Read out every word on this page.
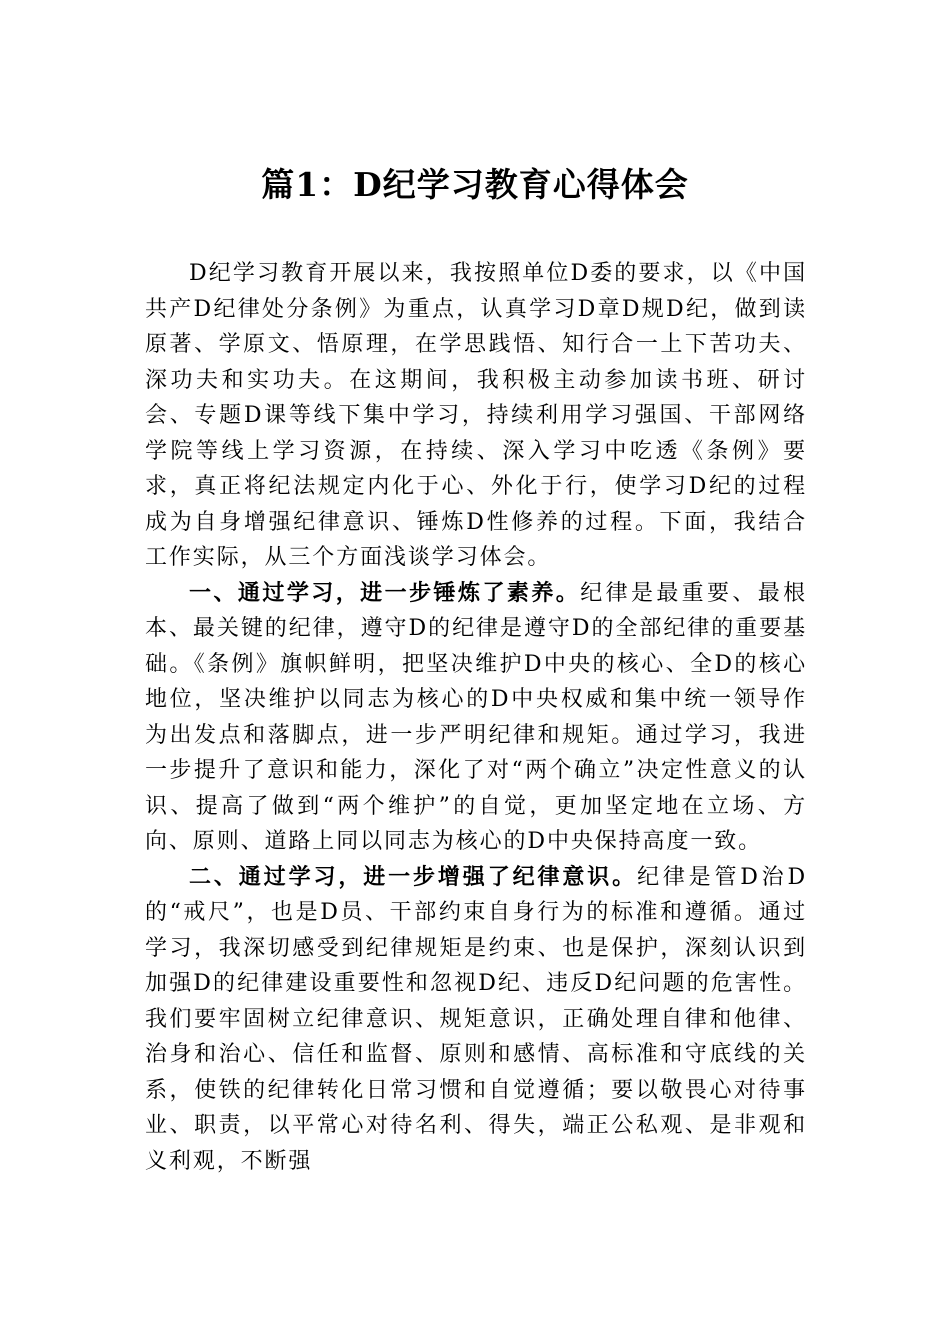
篇1：D纪学习教育心得体会

D纪学习教育开展以来，我按照单位D委的要求，以《中国共产D纪律处分条例》为重点，认真学习D章D规D纪，做到读原著、学原文、悟原理，在学思践悟、知行合一上下苦功夫、深功夫和实功夫。在这期间，我积极主动参加读书班、研讨会、专题D课等线下集中学习，持续利用学习强国、干部网络学院等线上学习资源，在持续、深入学习中吃透《条例》要求，真正将纪法规定内化于心、外化于行，使学习D纪的过程成为自身增强纪律意识、锤炼D性修养的过程。下面，我结合工作实际，从三个方面浅谈学习体会。

一、通过学习，进一步锤炼了素养。纪律是最重要、最根本、最关键的纪律，遵守D的纪律是遵守D的全部纪律的重要基础。《条例》旗帜鲜明，把坚决维护D中央的核心、全D的核心地位，坚决维护以同志为核心的D中央权威和集中统一领导作为出发点和落脚点，进一步严明纪律和规矩。通过学习，我进一步提升了意识和能力，深化了对“两个确立”决定性意义的认识、提高了做到“两个维护”的自觉，更加坚定地在立场、方向、原则、道路上同以同志为核心的D中央保持高度一致。

二、通过学习，进一步增强了纪律意识。纪律是管D治D的“戒尺”，也是D员、干部约束自身行为的标准和遵循。通过学习，我深切感受到纪律规矩是约束、也是保护，深刻认识到加强D的纪律建设重要性和忽视D纪、违反D纪问题的危害性。我们要牢固树立纪律意识、规矩意识，正确处理自律和他律、治身和治心、信任和监督、原则和感情、高标准和守底线的关系，使铁的纪律转化日常习惯和自觉遵循；要以敬畏心对待事业、职责，以平常心对待名利、得失，端正公私观、是非观和义利观，不断强
